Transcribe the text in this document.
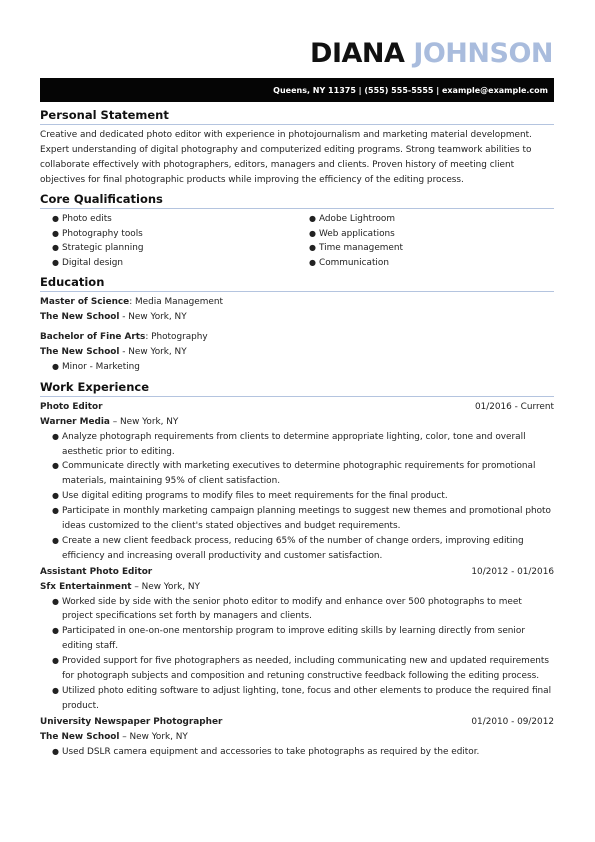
DIANA JOHNSON
Queens, NY 11375 | (555) 555-5555 | example@example.com
Personal Statement

Creative and dedicated photo editor with experience in photojournalism and marketing material development. Expert understanding of digital photography and computerized editing programs. Strong teamwork abilities to collaborate effectively with photographers, editors, managers and clients. Proven history of meeting client objectives for final photographic products while improving the efficiency of the editing process.

Core Qualifications
● Photo edits
● Photography tools
● Strategic planning
● Digital design
● Adobe Lightroom
● Web applications
● Time management
● Communication
Education
Master of Science: Media Management
The New School - New York, NY
Bachelor of Fine Arts: Photography
The New School - New York, NY
● Minor - Marketing
Work Experience
Photo Editor	01/2016 - Current
Warner Media – New York, NY
● Analyze photograph requirements from clients to determine appropriate lighting, color, tone and overall aesthetic prior to editing.
● Communicate directly with marketing executives to determine photographic requirements for promotional materials, maintaining 95% of client satisfaction.
● Use digital editing programs to modify files to meet requirements for the final product.
● Participate in monthly marketing campaign planning meetings to suggest new themes and promotional photo ideas customized to the client's stated objectives and budget requirements.
● Create a new client feedback process, reducing 65% of the number of change orders, improving editing efficiency and increasing overall productivity and customer satisfaction.
Assistant Photo Editor	10/2012 - 01/2016
Sfx Entertainment – New York, NY
● Worked side by side with the senior photo editor to modify and enhance over 500 photographs to meet project specifications set forth by managers and clients.
● Participated in one-on-one mentorship program to improve editing skills by learning directly from senior editing staff.
● Provided support for five photographers as needed, including communicating new and updated requirements for photograph subjects and composition and retuning constructive feedback following the editing process.
● Utilized photo editing software to adjust lighting, tone, focus and other elements to produce the required final product.
University Newspaper Photographer	01/2010 - 09/2012
The New School – New York, NY
● Used DSLR camera equipment and accessories to take photographs as required by the editor.
